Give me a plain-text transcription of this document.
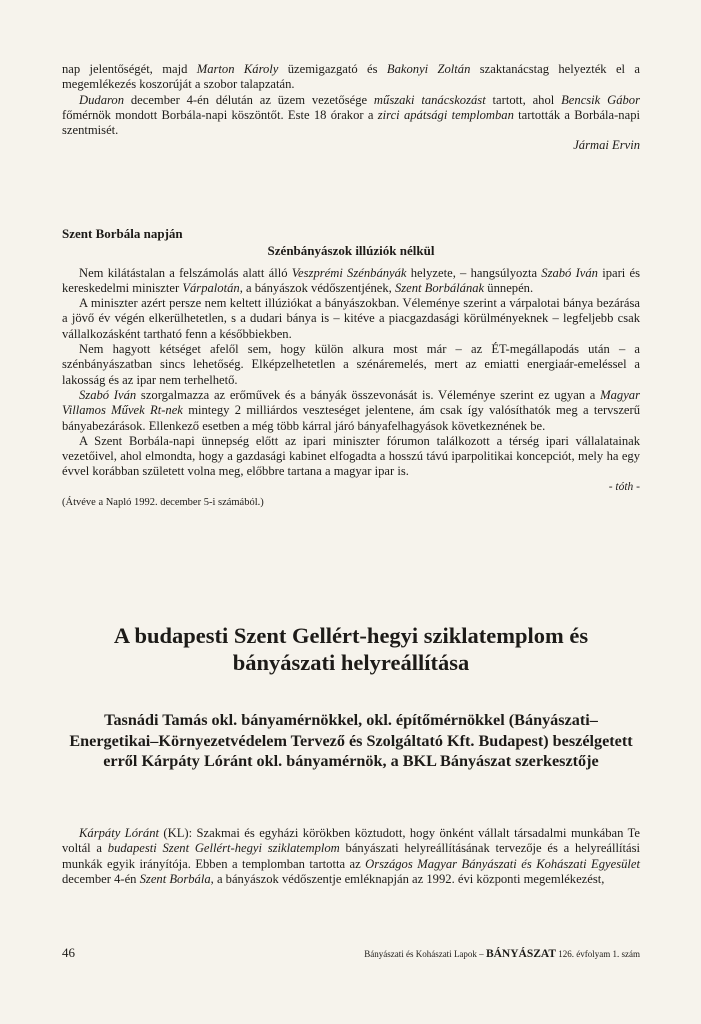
nap jelentőségét, majd Marton Károly üzemigazgató és Bakonyi Zoltán szaktanácstag helyezték el a megemlékezés koszorúját a szobor talapzatán.

Dudaron december 4-én délután az üzem vezetősége műszaki tanácskozást tartott, ahol Bencsik Gábor főmérnök mondott Borbála-napi köszöntőt. Este 18 órakor a zirci apátsági templomban tartották a Borbála-napi szentmisét.

Jármai Ervin

Szent Borbála napján

Szénbányászok illúziók nélkül

Nem kilátástalan a felszámolás alatt álló Veszprémi Szénbányák helyzete, – hangsúlyozta Szabó Iván ipari és kereskedelmi miniszter Várpalotán, a bányászok védőszentjének, Szent Borbálának ünnepén.

A miniszter azért persze nem keltett illúziókat a bányászokban. Véleménye szerint a várpalotai bánya bezárása a jövő év végén elkerülhetetlen, s a dudari bánya is – kitéve a piacgazdasági körülményeknek – legfeljebb csak vállalkozásként tartható fenn a későbbiekben.

Nem hagyott kétséget afelől sem, hogy külön alkura most már – az ÉT-megállapodás után – a szénbányászatban sincs lehetőség. Elképzelhetetlen a szénáremelés, mert az emiatti energiaár-emeléssel a lakosság és az ipar nem terhelhető.

Szabó Iván szorgalmazza az erőművek és a bányák összevonását is. Véleménye szerint ez ugyan a Magyar Villamos Művek Rt-nek mintegy 2 milliárdos veszteséget jelentene, ám csak így valósíthatók meg a tervszerű bányabezárások. Ellenkező esetben a még több kárral járó bányafelhagyások következnének be.

A Szent Borbála-napi ünnepség előtt az ipari miniszter fórumon találkozott a térség ipari vállalatainak vezetőivel, ahol elmondta, hogy a gazdasági kabinet elfogadta a hosszú távú iparpolitikai koncepciót, mely ha egy évvel korábban született volna meg, előbbre tartana a magyar ipar is.

- tóth -

(Átvéve a Napló 1992. december 5-i számából.)

A budapesti Szent Gellért-hegyi sziklatemplom és bányászati helyreállítása
Tasnádi Tamás okl. bányamérnökkel, okl. építőmérnökkel (Bányászati–Energetikai–Környezetvédelem Tervező és Szolgáltató Kft. Budapest) beszélgetett erről Kárpáty Lóránt okl. bányamérnök, a BKL Bányászat szerkesztője

Kárpáty Lóránt (KL): Szakmai és egyházi körökben köztudott, hogy önként vállalt társadalmi munkában Te voltál a budapesti Szent Gellért-hegyi sziklatemplom bányászati helyreállításának tervezője és a helyreállítási munkák egyik irányítója. Ebben a templomban tartotta az Országos Magyar Bányászati és Kohászati Egyesület december 4-én Szent Borbála, a bányászok védőszentje emléknapján az 1992. évi központi megemlékezést,

46	Bányászati és Kohászati Lapok – BÁNYÁSZAT 126. évfolyam 1. szám
